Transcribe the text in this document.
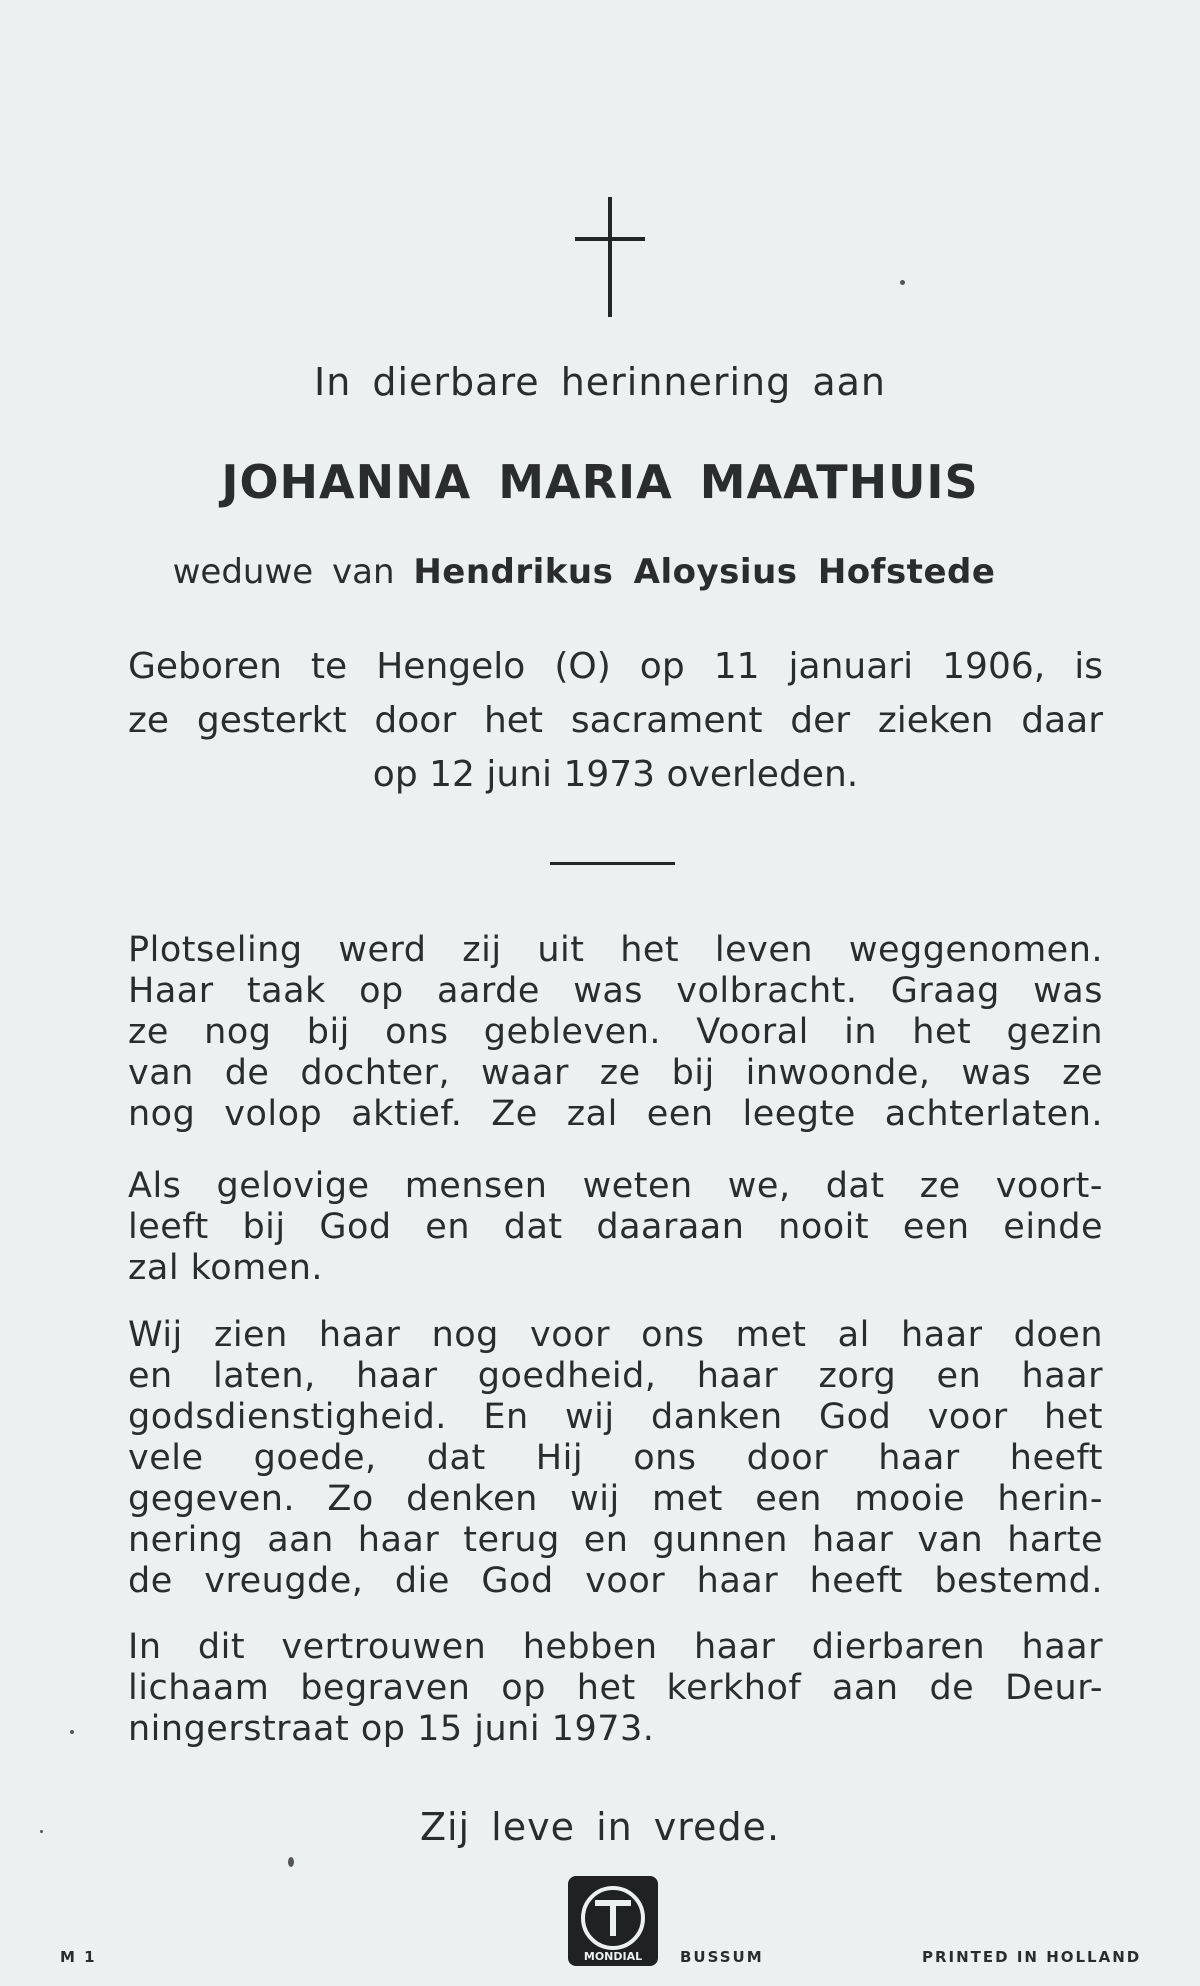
In dierbare herinnering aan
JOHANNA MARIA MAATHUIS
weduwe van Hendrikus Aloysius Hofstede
Geboren te Hengelo (O) op 11 januari 1906, is
ze gesterkt door het sacrament der zieken daar
op 12 juni 1973 overleden.
Plotseling werd zij uit het leven weggenomen.
Haar taak op aarde was volbracht. Graag was
ze nog bij ons gebleven. Vooral in het gezin
van de dochter, waar ze bij inwoonde, was ze
nog volop aktief. Ze zal een leegte achterlaten.
Als gelovige mensen weten we, dat ze voort-
leeft bij God en dat daaraan nooit een einde
zal komen.
Wij zien haar nog voor ons met al haar doen
en laten, haar goedheid, haar zorg en haar
godsdienstigheid. En wij danken God voor het
vele goede, dat Hij ons door haar heeft
gegeven. Zo denken wij met een mooie herin-
nering aan haar terug en gunnen haar van harte
de vreugde, die God voor haar heeft bestemd.
In dit vertrouwen hebben haar dierbaren haar
lichaam begraven op het kerkhof aan de Deur-
ningerstraat op 15 juni 1973.
Zij leve in vrede.
MONDIAL
M 1	BUSSUM	PRINTED IN HOLLAND
